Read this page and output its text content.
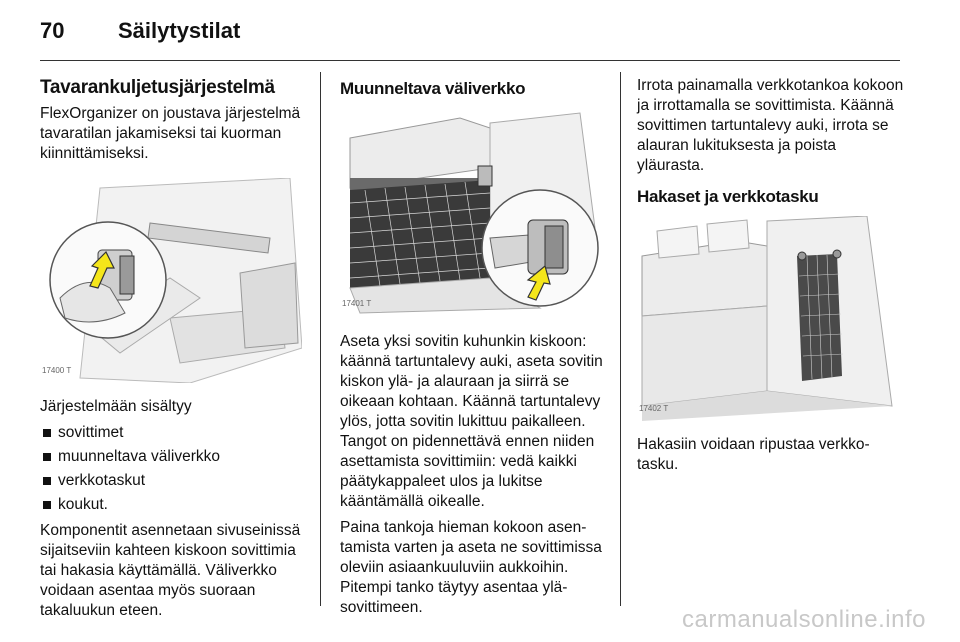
70 Säilytystilat
Tavarankuljetusjärjestelmä

FlexOrganizer on joustava järjestelmä tavaratilan jakamiseksi tai kuorman kiinnittämiseksi.

17400 T

Järjestelmään sisältyy

sovittimet
muunneltava väliverkko
verkkotaskut
koukut.

Komponentit asennetaan sivuseinissä sijaitseviin kahteen kiskoon sovittimia tai hakasia käyttämällä. Väliverkko voidaan asentaa myös suoraan takaluukun eteen.

Muunneltava väliverkko
17401 T

Aseta yksi sovitin kuhunkin kiskoon: käännä tartuntalevy auki, aseta sovitin kiskon ylä- ja alauraan ja siirrä se oikeaan kohtaan. Käännä tartuntalevy ylös, jotta sovitin lukittuu paikalleen. Tangot on pidennettävä ennen niiden asettamista sovittimiin: vedä kaikki päätykappaleet ulos ja lukitse kääntämällä oikealle.

Paina tankoja hieman kokoon asentamista varten ja aseta ne sovittimissa oleviin asiaankuuluviin aukkoihin. Pitempi tanko täytyy asentaa yläsovittimeen.

Irrota painamalla verkkotankoa kokoon ja irrottamalla se sovittimista. Käännä sovittimen tartuntalevy auki, irrota se alauran lukituksesta ja poista yläurasta.

Hakaset ja verkkotasku
17402 T

Hakasiin voidaan ripustaa verkkotasku.

carmanualsonline.info
